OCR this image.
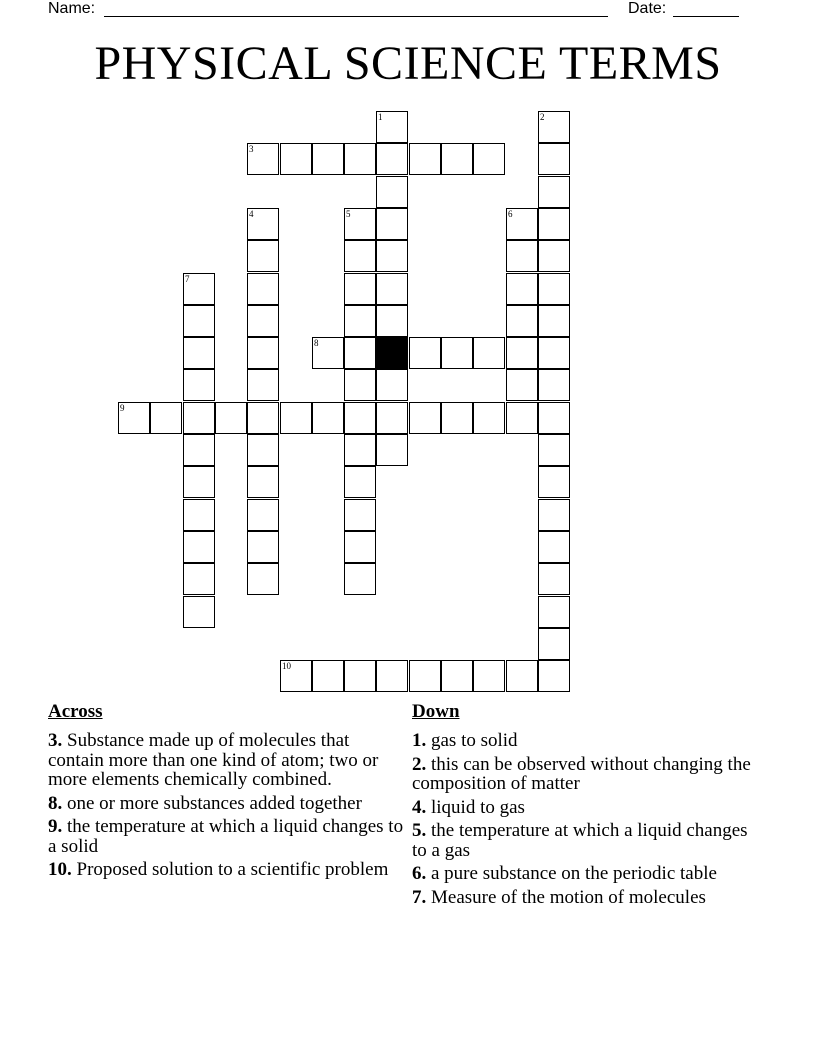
Name:	Date:
PHYSICAL SCIENCE TERMS
1	2
3
4	5	6
7
8
9
10
Across
3. Substance made up of molecules that contain more than one kind of atom; two or more elements chemically combined.
8. one or more substances added together
9. the temperature at which a liquid changes to a solid
10. Proposed solution to a scientific problem
Down
1. gas to solid
2. this can be observed without changing the composition of matter
4. liquid to gas
5. the temperature at which a liquid changes to a gas
6. a pure substance on the periodic table
7. Measure of the motion of molecules
